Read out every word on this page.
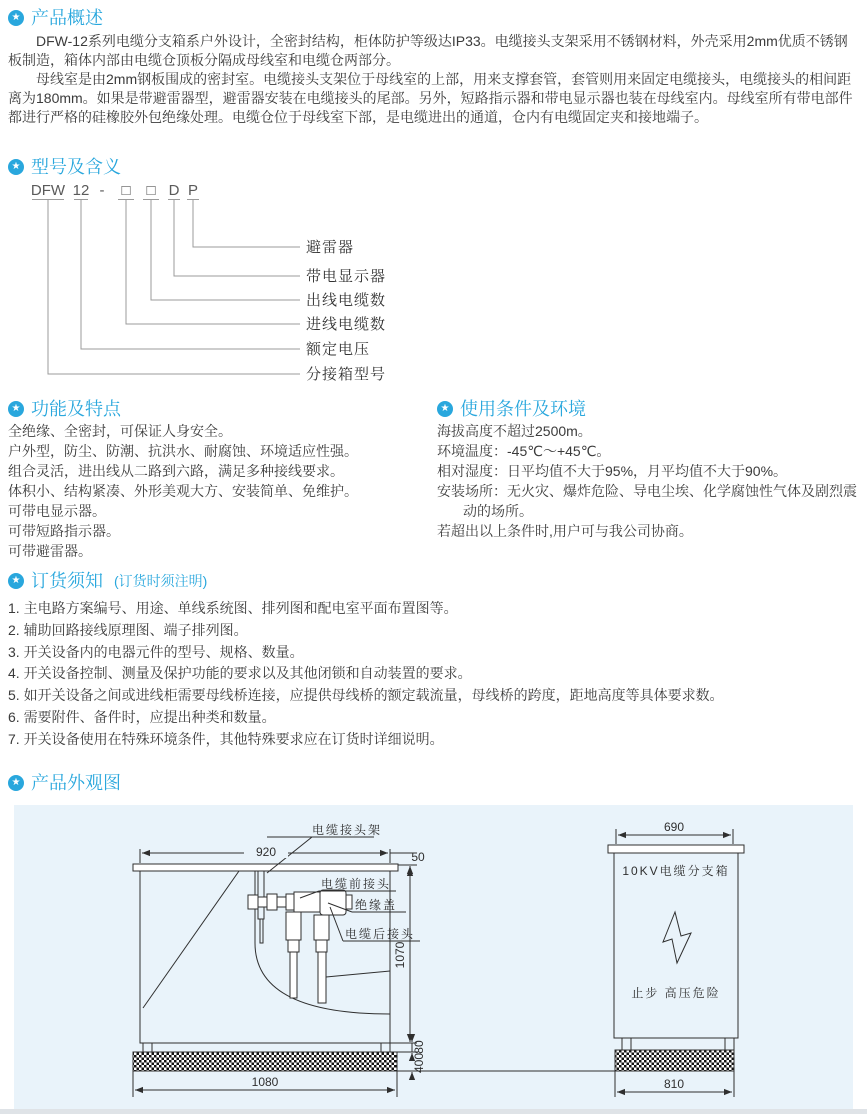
★ 产品概述

DFW-12系列电缆分支箱系户外设计，全密封结构，柜体防护等级达IP33。电缆接头支架采用不锈钢材料，外壳采用2mm优质不锈钢板制造，箱体内部由电缆仓顶板分隔成母线室和电缆仓两部分。

母线室是由2mm钢板围成的密封室。电缆接头支架位于母线室的上部，用来支撑套管，套管则用来固定电缆接头，电缆接头的相间距离为180mm。如果是带避雷器型，避雷器安装在电缆接头的尾部。另外，短路指示器和带电显示器也装在母线室内。母线室所有带电部件都进行严格的硅橡胶外包绝缘处理。电缆仓位于母线室下部，是电缆进出的通道，仓内有电缆固定夹和接地端子。

★ 型号及含义
DFW 12 - □ □ D P
避雷器
带电显示器
出线电缆数
进线电缆数
额定电压
分接箱型号
★ 功能及特点
全绝缘、全密封，可保证人身安全。
户外型，防尘、防潮、抗洪水、耐腐蚀、环境适应性强。
组合灵活，进出线从二路到六路，满足多种接线要求。
体积小、结构紧凑、外形美观大方、安装简单、免维护。
可带电显示器。
可带短路指示器。
可带避雷器。
★ 使用条件及环境
海拔高度不超过2500m。
环境温度：-45℃～+45℃。
相对湿度：日平均值不大于95%，月平均值不大于90%。
安装场所：无火灾、爆炸危险、导电尘埃、化学腐蚀性气体及剧烈震动的场所。
若超出以上条件时,用户可与我公司协商。
★ 订货须知 (订货时须注明)
1. 主电路方案编号、用途、单线系统图、排列图和配电室平面布置图等。
2. 辅助回路接线原理图、端子排列图。
3. 开关设备内的电器元件的型号、规格、数量。
4. 开关设备控制、测量及保护功能的要求以及其他闭锁和自动装置的要求。
5. 如开关设备之间或进线柜需要母线桥连接，应提供母线桥的额定载流量，母线桥的跨度，距地高度等具体要求数。
6. 需要附件、备件时，应提出种类和数量。
7. 开关设备使用在特殊环境条件，其他特殊要求应在订货时详细说明。
★ 产品外观图
电缆接头架
电缆前接头
绝缘盖
电缆后接头
920	50
1070
80
400
1080
10KV电缆分支箱
止步 高压危险
690
810
